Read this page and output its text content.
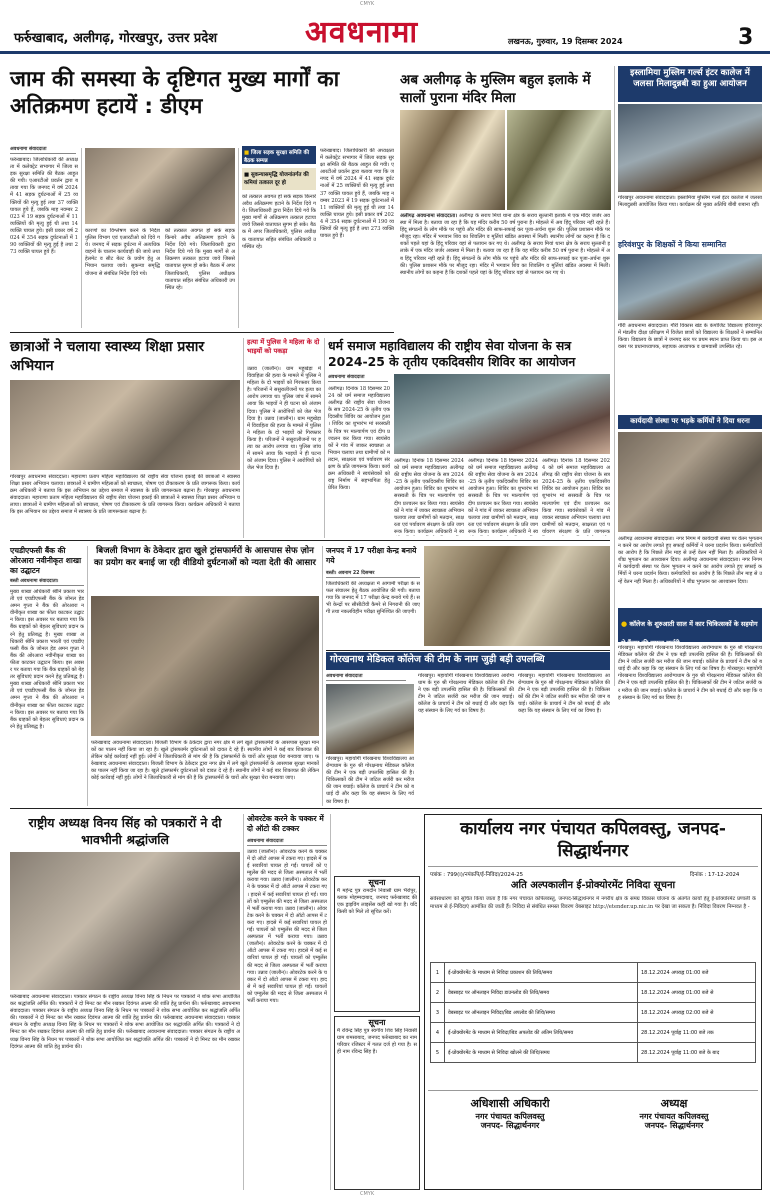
CMYK
फर्रुखाबाद, अलीगढ़, गोरखपुर, उत्तर प्रदेश	अवधनामा	लखनऊ, गुरुवार, 19 दिसम्बर 2024	3
जाम की समस्या के दृष्टिगत मुख्य मार्गों का अतिक्रमण हटायें : डीएम
अवधनामा संवाददाता
फर्रुखाबाद। जिलाधिकारी की अध्यक्षता में कलेक्ट्रेट सभागार में जिला सड़क सुरक्षा समिति की बैठक आहूत की गयी। एआरटीओ प्रवर्तन द्वारा बताया गया कि जनपद में वर्ष 2024 में 41 सड़क दुर्घटनाओं में 25 व्यक्तियों की मृत्यु हुई तथा 37 व्यक्ति घायल हुये हैं, जबकि माह नवम्बर 2023 में 19 सड़क दुर्घटनाओं में 11 व्यक्तियों की मृत्यु हुई थी तथा 14 व्यक्ति घायल हुये। इसी प्रकार वर्ष 2024 में 354 सड़क दुर्घटनाओं में 190 व्यक्तियों की मृत्यु हुई है तथा 273 व्यक्ति घायल हुये हैं।
कारणों का विश्लेषण करने के निर्देश पुलिस विभाग एवं एआरटीओ को दिये गये। जनपद में सड़क दुर्घटना में अत्यधिक वाहनों के चालान कार्यवाही की जाये तथा हेलमेट व सीट बेल्ट के प्रयोग हेतु अभियान चलाया जाये। सुकन्या समृद्धि योजना से संबंधित निर्देश दिये गये।
को तत्काल अवगत हो सके सड़क किनारे अवैध अतिक्रमण हटाने के निर्देश दिये गये। जिलाधिकारी द्वारा निर्देश दिये गये कि मुख्य मार्गों से अतिक्रमण तत्काल हटाया जाये जिससे यातायात सुगम हो सके। बैठक में अपर जिलाधिकारी, पुलिस अधीक्षक यातायात सहित संबंधित अधिकारी उपस्थित रहे।
■ जिला सड़क सुरक्षा समिति की बैठक सम्पन्न
■ सुकन्यासमृद्धि योजनांतर्गत की कमियां तत्काल दूर हो
को तत्काल अवगत हो सके सड़क किनारे अवैध अतिक्रमण हटाने के निर्देश दिये गये। जिलाधिकारी द्वारा निर्देश दिये गये कि मुख्य मार्गों से अतिक्रमण तत्काल हटाया जाये जिससे यातायात सुगम हो सके। बैठक में अपर जिलाधिकारी, पुलिस अधीक्षक यातायात सहित संबंधित अधिकारी उपस्थित रहे।
फर्रुखाबाद। जिलाधिकारी की अध्यक्षता में कलेक्ट्रेट सभागार में जिला सड़क सुरक्षा समिति की बैठक आहूत की गयी। एआरटीओ प्रवर्तन द्वारा बताया गया कि जनपद में वर्ष 2024 में 41 सड़क दुर्घटनाओं में 25 व्यक्तियों की मृत्यु हुई तथा 37 व्यक्ति घायल हुये हैं, जबकि माह नवम्बर 2023 में 19 सड़क दुर्घटनाओं में 11 व्यक्तियों की मृत्यु हुई थी तथा 14 व्यक्ति घायल हुये। इसी प्रकार वर्ष 2024 में 354 सड़क दुर्घटनाओं में 190 व्यक्तियों की मृत्यु हुई है तथा 273 व्यक्ति घायल हुये हैं।
अब अलीगढ़ के मुस्लिम बहुल इलाके में सालों पुराना मंदिर मिला
अलीगढ़ अवधनामा संवाददाता। अलीगढ़ के सराय मियां थाना क्षेत्र के सराय सुल्तानी इलाके में एक मंदिर जर्जर अवस्था में मिला है। बताया जा रहा है कि यह मंदिर करीब 50 वर्ष पुराना है। मोहल्ले में अब हिंदू परिवार नहीं रहते हैं। हिंदू संगठनों के लोग मौके पर पहुंचे और मंदिर की साफ-सफाई कर पूजा-अर्चना शुरू की। पुलिस प्रशासन मौके पर मौजूद रहा। मंदिर में भगवान शिव का शिवलिंग व मूर्तियां खंडित अवस्था में मिलीं। स्थानीय लोगों का कहना है कि दशकों पहले यहां के हिंदू परिवार यहां से पलायन कर गए थे। अलीगढ़ के सराय मियां थाना क्षेत्र के सराय सुल्तानी इलाके में एक मंदिर जर्जर अवस्था में मिला है। बताया जा रहा है कि यह मंदिर करीब 50 वर्ष पुराना है। मोहल्ले में अब हिंदू परिवार नहीं रहते हैं। हिंदू संगठनों के लोग मौके पर पहुंचे और मंदिर की साफ-सफाई कर पूजा-अर्चना शुरू की। पुलिस प्रशासन मौके पर मौजूद रहा। मंदिर में भगवान शिव का शिवलिंग व मूर्तियां खंडित अवस्था में मिलीं। स्थानीय लोगों का कहना है कि दशकों पहले यहां के हिंदू परिवार यहां से पलायन कर गए थे।
इस्लामिया मुस्लिम गर्ल्स इंटर कालेज में जलसा मिलादुन्नबी का हुआ आयोजन
गोरखपुर अवधनामा संवाददाता। इस्लामिया मुस्लिम गर्ल्स इंटर कालेज में जलसा मिलादुन्नबी आयोजित किया गया। कार्यक्रम की मुख्य अतिथि बीबी शबाना रहीं।
हरिवंशपुर के शिक्षकों ने किया सम्मानित
गौरी अवधनामा संवाददाता। गौरी विकास खंड के कंपोजिट विद्यालय हरिवंशपुर में मंडलीय दीक्षा प्रशिक्षण में विजेता छात्रों को विद्यालय के शिक्षकों ने सम्मानित किया। विद्यालय के छात्रों ने जनपद स्तर पर प्रथम स्थान प्राप्त किया था। इस अवसर पर प्रधानाध्यापक, सहायक अध्यापक व ग्रामवासी उपस्थित रहे।
कार्यदायी संस्था पर भड़के कर्मियों ने दिया धरना
अलीगढ़ अवधनामा संवाददाता। नगर निगम में कार्यदायी संस्था पर वेतन भुगतान न करने का आरोप लगाते हुए सफाई कर्मियों ने धरना प्रदर्शन किया। कर्मचारियों का आरोप है कि पिछले तीन माह से उन्हें वेतन नहीं मिला है। अधिकारियों ने शीघ्र भुगतान का आश्वासन दिया। अलीगढ़ अवधनामा संवाददाता। नगर निगम में कार्यदायी संस्था पर वेतन भुगतान न करने का आरोप लगाते हुए सफाई कर्मियों ने धरना प्रदर्शन किया। कर्मचारियों का आरोप है कि पिछले तीन माह से उन्हें वेतन नहीं मिला है। अधिकारियों ने शीघ्र भुगतान का आश्वासन दिया।
छात्राओं ने चलाया स्वास्थ्य शिक्षा प्रसार अभियान
गोरखपुर अवधनामा संवाददाता। महाराणा प्रताप महिला महाविद्यालय की राष्ट्रीय सेवा योजना इकाई की छात्राओं ने स्वास्थ्य शिक्षा प्रसार अभियान चलाया। छात्राओं ने ग्रामीण महिलाओं को स्वच्छता, पोषण एवं टीकाकरण के प्रति जागरूक किया। कार्यक्रम अधिकारी ने बताया कि इस अभियान का उद्देश्य समाज में स्वास्थ्य के प्रति जागरूकता बढ़ाना है। गोरखपुर अवधनामा संवाददाता। महाराणा प्रताप महिला महाविद्यालय की राष्ट्रीय सेवा योजना इकाई की छात्राओं ने स्वास्थ्य शिक्षा प्रसार अभियान चलाया। छात्राओं ने ग्रामीण महिलाओं को स्वच्छता, पोषण एवं टीकाकरण के प्रति जागरूक किया। कार्यक्रम अधिकारी ने बताया कि इस अभियान का उद्देश्य समाज में स्वास्थ्य के प्रति जागरूकता बढ़ाना है।
हत्या में पुलिस ने महिला के दो भाइयों को पकड़ा
उन्नाव (जालौन)। ग्राम महूखेड़ा में विवाहिता की हत्या के मामले में पुलिस ने महिला के दो भाइयों को गिरफ्तार किया है। परिजनों ने ससुरालीजनों पर हत्या का आरोप लगाया था। पुलिस जांच में सामने आया कि भाइयों ने ही घटना को अंजाम दिया। पुलिस ने आरोपियों को जेल भेज दिया है। उन्नाव (जालौन)। ग्राम महूखेड़ा में विवाहिता की हत्या के मामले में पुलिस ने महिला के दो भाइयों को गिरफ्तार किया है। परिजनों ने ससुरालीजनों पर हत्या का आरोप लगाया था। पुलिस जांच में सामने आया कि भाइयों ने ही घटना को अंजाम दिया। पुलिस ने आरोपियों को जेल भेज दिया है।
धर्म समाज महाविद्यालय की राष्ट्रीय सेवा योजना के सत्र 2024-25 के तृतीय एकदिवसीय शिविर का आयोजन
अवधनामा संवाददाता
अलीगढ़। दिनांक 18 दिसम्बर 2024 को धर्म समाज महाविद्यालय अलीगढ़ की राष्ट्रीय सेवा योजना के सत्र 2024-25 के तृतीय एकदिवसीय शिविर का आयोजन हुआ। शिविर का शुभारंभ मां सरस्वती के चित्र पर माल्यार्पण एवं दीप प्रज्वलन कर किया गया। स्वयंसेवकों ने गांव में जाकर स्वच्छता अभियान चलाया तथा ग्रामीणों को मतदान, साक्षरता एवं पर्यावरण संरक्षण के प्रति जागरूक किया। कार्यक्रम अधिकारी ने स्वयंसेवकों को राष्ट्र निर्माण में सहभागिता हेतु प्रेरित किया।
अलीगढ़। दिनांक 18 दिसम्बर 2024 को धर्म समाज महाविद्यालय अलीगढ़ की राष्ट्रीय सेवा योजना के सत्र 2024-25 के तृतीय एकदिवसीय शिविर का आयोजन हुआ। शिविर का शुभारंभ मां सरस्वती के चित्र पर माल्यार्पण एवं दीप प्रज्वलन कर किया गया। स्वयंसेवकों ने गांव में जाकर स्वच्छता अभियान चलाया तथा ग्रामीणों को मतदान, साक्षरता एवं पर्यावरण संरक्षण के प्रति जागरूक किया। कार्यक्रम अधिकारी ने स्व
अलीगढ़। दिनांक 18 दिसम्बर 2024 को धर्म समाज महाविद्यालय अलीगढ़ की राष्ट्रीय सेवा योजना के सत्र 2024-25 के तृतीय एकदिवसीय शिविर का आयोजन हुआ। शिविर का शुभारंभ मां सरस्वती के चित्र पर माल्यार्पण एवं दीप प्रज्वलन कर किया गया। स्वयंसेवकों ने गांव में जाकर स्वच्छता अभियान चलाया तथा ग्रामीणों को मतदान, साक्षरता एवं पर्यावरण संरक्षण के प्रति जागरूक किया। कार्यक्रम अधिकारी ने स्व
अलीगढ़। दिनांक 18 दिसम्बर 2024 को धर्म समाज महाविद्यालय अलीगढ़ की राष्ट्रीय सेवा योजना के सत्र 2024-25 के तृतीय एकदिवसीय शिविर का आयोजन हुआ। शिविर का शुभारंभ मां सरस्वती के चित्र पर माल्यार्पण एवं दीप प्रज्वलन कर किया गया। स्वयंसेवकों ने गांव में जाकर स्वच्छता अभियान चलाया तथा ग्रामीणों को मतदान, साक्षरता एवं पर्यावरण संरक्षण के प्रति जागरूक
एचडीएफसी बैंक की ओरआरा नवीनीकृत शाखा का उद्घाटन
बस्ती अवधनामा संवाददाता।
मुख्य शाखा अधिकारी श्रीनि प्रकाश भारती एवं एचडीएफसी बैंक के जोनल हेड अमन गुप्ता ने बैंक की ओरआरा नवीनीकृत शाखा का फीता काटकर उद्घाटन किया। इस अवसर पर बताया गया कि बैंक ग्राहकों को बेहतर सुविधाएं प्रदान करने हेतु प्रतिबद्ध है। मुख्य शाखा अधिकारी श्रीनि प्रकाश भारती एवं एचडीएफसी बैंक के जोनल हेड अमन गुप्ता ने बैंक की ओरआरा नवीनीकृत शाखा का फीता काटकर उद्घाटन किया। इस अवसर पर बताया गया कि बैंक ग्राहकों को बेहतर सुविधाएं प्रदान करने हेतु प्रतिबद्ध है। मुख्य शाखा अधिकारी श्रीनि प्रकाश भारती एवं एचडीएफसी बैंक के जोनल हेड अमन गुप्ता ने बैंक की ओरआरा नवीनीकृत शाखा का फीता काटकर उद्घाटन किया। इस अवसर पर बताया गया कि बैंक ग्राहकों को बेहतर सुविधाएं प्रदान करने हेतु प्रतिबद्ध है।
बिजली विभाग के ठेकेदार द्वारा खुले ट्रांसफार्मरों के आसपास सेफ ज़ोन का प्रयोग कर बनाई जा रही वीडियो दुर्घटनाओं को न्यता देती की आसार
फर्रुखाबाद अवधनामा संवाददाता। बिजली विभाग के ठेकेदार द्वारा नगर क्षेत्र में लगे खुले ट्रांसफार्मरों के आसपास सुरक्षा मानकों का पालन नहीं किया जा रहा है। खुले ट्रांसफार्मर दुर्घटनाओं को दावत दे रहे हैं। स्थानीय लोगों ने कई बार शिकायत की लेकिन कोई कार्रवाई नहीं हुई। लोगों ने जिलाधिकारी से मांग की है कि ट्रांसफार्मरों के चारों ओर सुरक्षा घेरा बनवाया जाए। फर्रुखाबाद अवधनामा संवाददाता। बिजली विभाग के ठेकेदार द्वारा नगर क्षेत्र में लगे खुले ट्रांसफार्मरों के आसपास सुरक्षा मानकों का पालन नहीं किया जा रहा है। खुले ट्रांसफार्मर दुर्घटनाओं को दावत दे रहे हैं। स्थानीय लोगों ने कई बार शिकायत की लेकिन कोई कार्रवाई नहीं हुई। लोगों ने जिलाधिकारी से मांग की है कि ट्रांसफार्मरों के चारों ओर सुरक्षा घेरा बनवाया जाए।
जनपद में 17 परीक्षा केन्द्र बनाये गये
बस्ती। अवनाम 22 दिसम्बर
जिलाधिकारी की अध्यक्षता में आगामी परीक्षा के सफल संचालन हेतु बैठक आयोजित की गयी। बताया गया कि जनपद में 17 परीक्षा केन्द्र बनाये गये हैं। सभी केन्द्रों पर सीसीटीवी कैमरे से निगरानी की जाएगी तथा नकलविहीन परीक्षा सुनिश्चित की जाएगी।
गोरखनाथ मेडिकल कॉलेज की टीम के नाम जुड़ी बड़ी उपलब्धि
अवधनामा संवाददाता
गोरखपुर। महायोगी गोरखनाथ विश्वविद्यालय आरोग्यधाम के गुरु श्री गोरक्षनाथ मेडिकल कॉलेज की टीम ने एक बड़ी उपलब्धि हासिल की है। चिकित्सकों की टीम ने जटिल सर्जरी कर मरीज की जान बचाई। कॉलेज के प्राचार्य ने टीम को बधाई दी और कहा कि यह संस्थान के लिए गर्व का विषय है।
गोरखपुर। महायोगी गोरखनाथ विश्वविद्यालय आरोग्यधाम के गुरु श्री गोरक्षनाथ मेडिकल कॉलेज की टीम ने एक बड़ी उपलब्धि हासिल की है। चिकित्सकों की टीम ने जटिल सर्जरी कर मरीज की जान बचाई। कॉलेज के प्राचार्य ने टीम को बधाई दी और कहा कि यह संस्थान के लिए गर्व का विषय है।
गोरखपुर। महायोगी गोरखनाथ विश्वविद्यालय आरोग्यधाम के गुरु श्री गोरक्षनाथ मेडिकल कॉलेज की टीम ने एक बड़ी उपलब्धि हासिल की है। चिकित्सकों की टीम ने जटिल सर्जरी कर मरीज की जान बचाई। कॉलेज के प्राचार्य ने टीम को बधाई दी और कहा कि यह संस्थान के लिए गर्व का विषय है।
● कॉलेज के शुरुआती साल में कार चिकित्सकों के सहयोग से कैंसर की सफल सर्जरी
गोरखपुर। महायोगी गोरखनाथ विश्वविद्यालय आरोग्यधाम के गुरु श्री गोरक्षनाथ मेडिकल कॉलेज की टीम ने एक बड़ी उपलब्धि हासिल की है। चिकित्सकों की टीम ने जटिल सर्जरी कर मरीज की जान बचाई। कॉलेज के प्राचार्य ने टीम को बधाई दी और कहा कि यह संस्थान के लिए गर्व का विषय है। गोरखपुर। महायोगी गोरखनाथ विश्वविद्यालय आरोग्यधाम के गुरु श्री गोरक्षनाथ मेडिकल कॉलेज की टीम ने एक बड़ी उपलब्धि हासिल की है। चिकित्सकों की टीम ने जटिल सर्जरी कर मरीज की जान बचाई। कॉलेज के प्राचार्य ने टीम को बधाई दी और कहा कि यह संस्थान के लिए गर्व का विषय है।
राष्ट्रीय अध्यक्ष विनय सिंह को पत्रकारों ने दी भावभीनी श्रद्धांजलि
फर्रुखाबाद अवधनामा संवाददाता। पत्रकार संगठन के राष्ट्रीय अध्यक्ष विनय सिंह के निधन पर पत्रकारों ने शोक सभा आयोजित कर श्रद्धांजलि अर्पित की। पत्रकारों ने दो मिनट का मौन रखकर दिवंगत आत्मा की शांति हेतु प्रार्थना की। फर्रुखाबाद अवधनामा संवाददाता। पत्रकार संगठन के राष्ट्रीय अध्यक्ष विनय सिंह के निधन पर पत्रकारों ने शोक सभा आयोजित कर श्रद्धांजलि अर्पित की। पत्रकारों ने दो मिनट का मौन रखकर दिवंगत आत्मा की शांति हेतु प्रार्थना की। फर्रुखाबाद अवधनामा संवाददाता। पत्रकार संगठन के राष्ट्रीय अध्यक्ष विनय सिंह के निधन पर पत्रकारों ने शोक सभा आयोजित कर श्रद्धांजलि अर्पित की। पत्रकारों ने दो मिनट का मौन रखकर दिवंगत आत्मा की शांति हेतु प्रार्थना की। फर्रुखाबाद अवधनामा संवाददाता। पत्रकार संगठन के राष्ट्रीय अध्यक्ष विनय सिंह के निधन पर पत्रकारों ने शोक सभा आयोजित कर श्रद्धांजलि अर्पित की। पत्रकारों ने दो मिनट का मौन रखकर दिवंगत आत्मा की शांति हेतु प्रार्थना की।
ओवरटेक करने के चक्कर में दो ऑटो की टक्कर
अवधनामा संवाददाता
उन्नाव (जालौन)। ओवरटेक करने के चक्कर में दो ऑटो आपस में टकरा गए। हादसे में कई सवारियां घायल हो गईं। घायलों को एम्बुलेंस की मदद से जिला अस्पताल में भर्ती कराया गया। उन्नाव (जालौन)। ओवरटेक करने के चक्कर में दो ऑटो आपस में टकरा गए। हादसे में कई सवारियां घायल हो गईं। घायलों को एम्बुलेंस की मदद से जिला अस्पताल में भर्ती कराया गया। उन्नाव (जालौन)। ओवरटेक करने के चक्कर में दो ऑटो आपस में टकरा गए। हादसे में कई सवारियां घायल हो गईं। घायलों को एम्बुलेंस की मदद से जिला अस्पताल में भर्ती कराया गया। उन्नाव (जालौन)। ओवरटेक करने के चक्कर में दो ऑटो आपस में टकरा गए। हादसे में कई सवारियां घायल हो गईं। घायलों को एम्बुलेंस की मदद से जिला अस्पताल में भर्ती कराया गया। उन्नाव (जालौन)। ओवरटेक करने के चक्कर में दो ऑटो आपस में टकरा गए। हादसे में कई सवारियां घायल हो गईं। घायलों को एम्बुलेंस की मदद से जिला अस्पताल में भर्ती कराया गया।
सूचना
मैं महेन्द्र पुत्र रामदीन निवासी ग्राम भैरोपुर, ब्लाक मोहम्मदाबाद, जनपद फर्रुखाबाद की एक ड्राइविंग लाइसेंस कहीं खो गया है। यदि किसी को मिले तो सूचित करें।
सूचना
मैं रविन्द्र सिंह पुत्र स्वर्गीय शिव सिंह निवासी ग्राम शमसाबाद, जनपद फर्रुखाबाद का नाम परिवार रजिस्टर में गलत दर्ज हो गया है। सही नाम रविन्द्र सिंह है।
कार्यालय नगर पंचायत कपिलवस्तु, जनपद- सिद्धार्थनगर
पत्रांक : 799(i)/नपंकपि/ई-निविदा/2024-25	दिनांक : 17-12-2024
अति अल्पकालीन ई-प्रोक्योरमेंट निविदा सूचना
सर्वसाधारण को सूचित किया जाता है कि नगर पंचायत कपिलवस्तु, जनपद-सिद्धार्थनगर में नगरीय क्षेत्र के समग्र विकास योजना के अंतर्गत कार्यों हेतु ई-प्रोक्योरमेंट प्रणाली के माध्यम से ई-निविदाएं आमंत्रित की जाती हैं। निविदा से संबंधित समस्त विवरण वेबसाइट http://etender.up.nic.in पर देखा जा सकता है। निविदा विवरण निम्नवत है -
1	ई-प्रोक्योरमेंट के माध्यम से निविदा प्रकाशन की तिथि/समय	18.12.2024 अपराह्न 01:00 बजे
2	वेबसाइट पर ऑनलाइन निविदा डाउनलोड की तिथि/समय	18.12.2024 अपराह्न 01:00 बजे से
3	वेबसाइट पर ऑनलाइन निविदा/बिड अपलोड की तिथि/समय	18.12.2024 अपराह्न 02:00 बजे से
4	ई-प्रोक्योरमेंट के माध्यम से निविदा/बिड अपलोड की अंतिम तिथि/समय	28.12.2024 पूर्वाह्न 11:00 बजे तक
5	ई-प्रोक्योरमेंट के माध्यम से निविदा खोलने की तिथि/समय	28.12.2024 पूर्वाह्न 11:00 बजे के बाद
अधिशासी अधिकारी
नगर पंचायत कपिलवस्तु
जनपद- सिद्धार्थनगर
अध्यक्ष
नगर पंचायत कपिलवस्तु
जनपद- सिद्धार्थनगर
CMYK
